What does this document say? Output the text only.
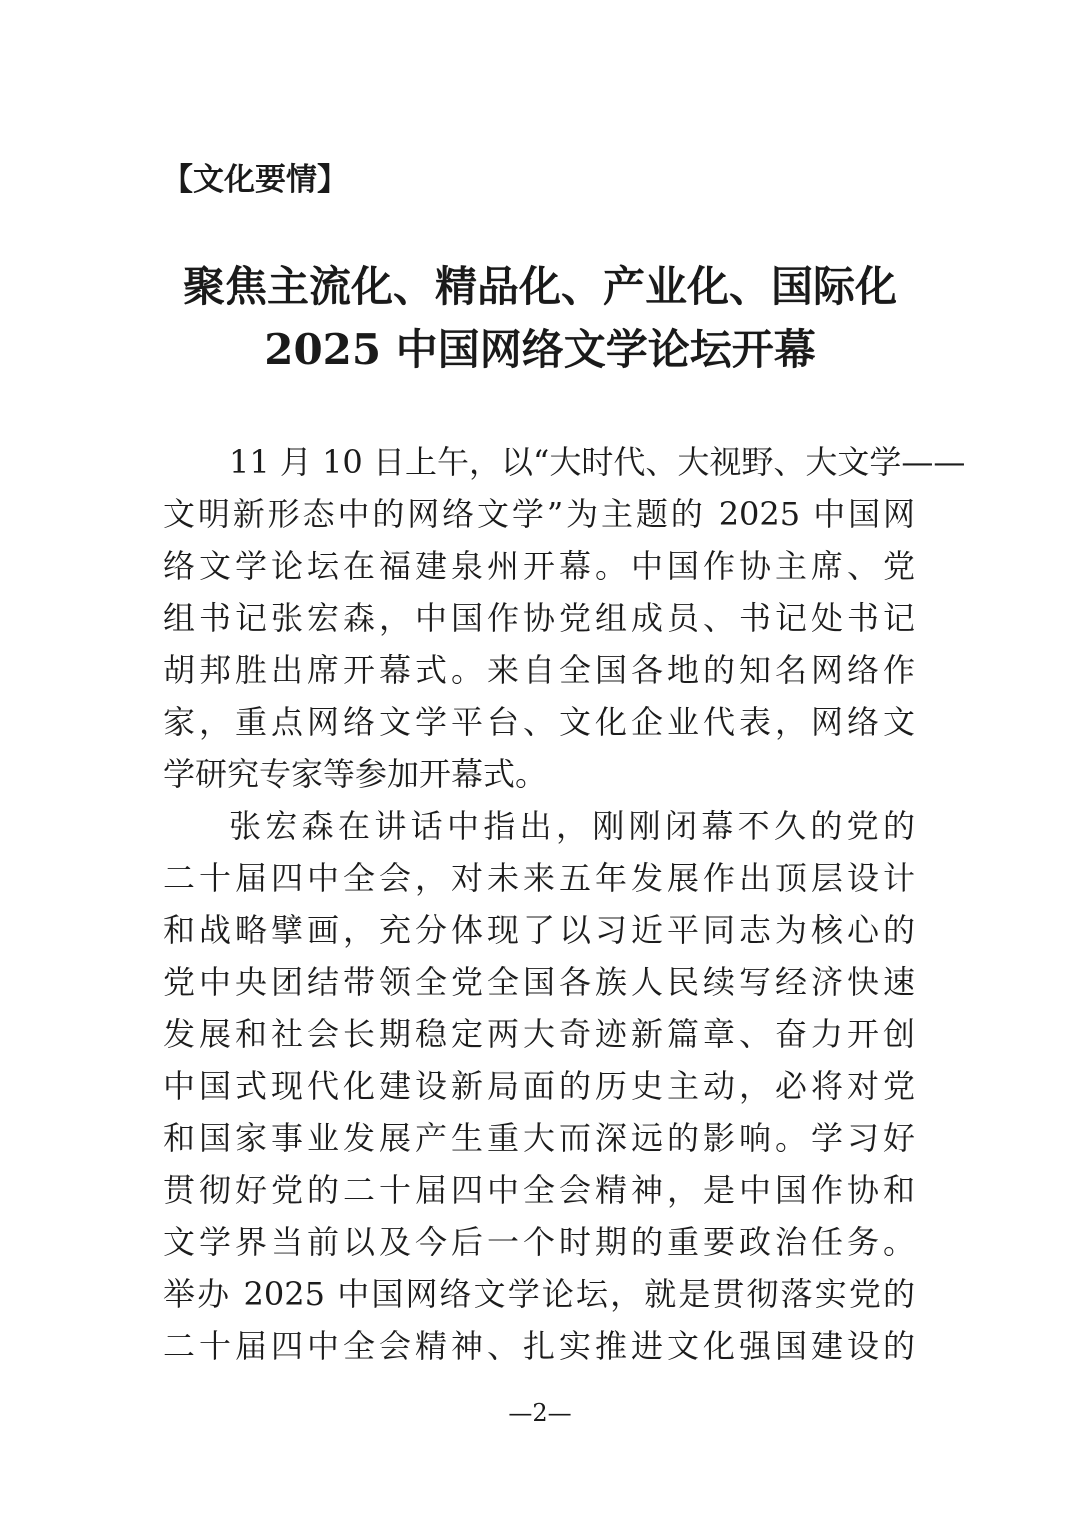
【文化要情】
聚焦主流化、精品化、产业化、国际化
2025 中国网络文学论坛开幕
11 月 10 日上午，以“大时代、大视野、大文学——
文明新形态中的网络文学”为主题的 2025 中国网
络文学论坛在福建泉州开幕。中国作协主席、党
组书记张宏森，中国作协党组成员、书记处书记
胡邦胜出席开幕式。来自全国各地的知名网络作
家，重点网络文学平台、文化企业代表，网络文
学研究专家等参加开幕式。
张宏森在讲话中指出，刚刚闭幕不久的党的
二十届四中全会，对未来五年发展作出顶层设计
和战略擘画，充分体现了以习近平同志为核心的
党中央团结带领全党全国各族人民续写经济快速
发展和社会长期稳定两大奇迹新篇章、奋力开创
中国式现代化建设新局面的历史主动，必将对党
和国家事业发展产生重大而深远的影响。学习好
贯彻好党的二十届四中全会精神，是中国作协和
文学界当前以及今后一个时期的重要政治任务。
举办 2025 中国网络文学论坛，就是贯彻落实党的
二十届四中全会精神、扎实推进文化强国建设的
—2—
